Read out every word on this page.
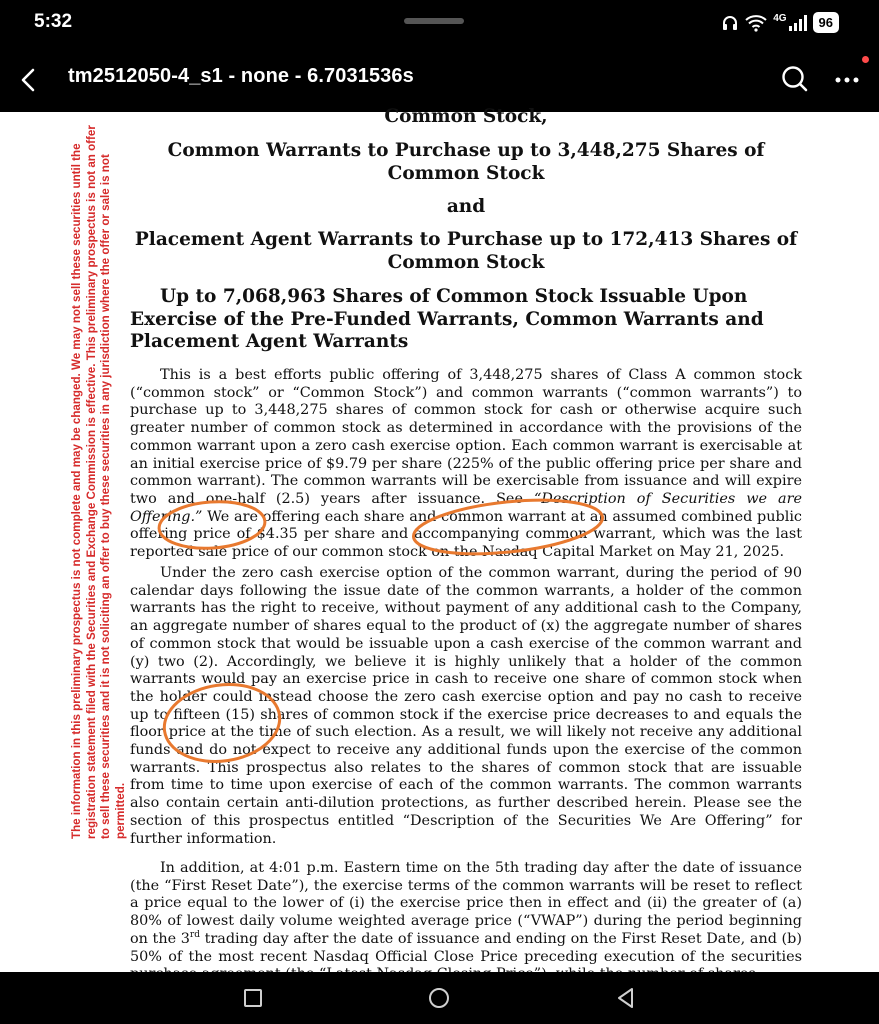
5:32	4G	96
tm2512050-4_s1 - none - 6.7031536s
The information in this preliminary prospectus is not complete and may be changed. We may not sell these securities until the registration statement filed with the Securities and Exchange Commission is effective. This preliminary prospectus is not an offer to sell these securities and it is not soliciting an offer to buy these securities in any jurisdiction where the offer or sale is not permitted.
Common Stock,
Common Warrants to Purchase up to 3,448,275 Shares of Common Stock
and
Placement Agent Warrants to Purchase up to 172,413 Shares of Common Stock
Up to 7,068,963 Shares of Common Stock Issuable Upon Exercise of the Pre-Funded Warrants, Common Warrants and Placement Agent Warrants
This is a best efforts public offering of 3,448,275 shares of Class A common stock (“common stock” or “Common Stock”) and common warrants (“common warrants”) to purchase up to 3,448,275 shares of common stock for cash or otherwise acquire such greater number of common stock as determined in accordance with the provisions of the common warrant upon a zero cash exercise option. Each common warrant is exercisable at an initial exercise price of $9.79 per share (225% of the public offering price per share and common warrant). The common warrants will be exercisable from issuance and will expire two and one-half (2.5) years after issuance. See “Description of Securities we are Offering.” We are offering each share and common warrant at an assumed combined public offering price of $4.35 per share and accompanying common warrant, which was the last reported sale price of our common stock on the Nasdaq Capital Market on May 21, 2025.
Under the zero cash exercise option of the common warrant, during the period of 90 calendar days following the issue date of the common warrants, a holder of the common warrants has the right to receive, without payment of any additional cash to the Company, an aggregate number of shares equal to the product of (x) the aggregate number of shares of common stock that would be issuable upon a cash exercise of the common warrant and (y) two (2). Accordingly, we believe it is highly unlikely that a holder of the common warrants would pay an exercise price in cash to receive one share of common stock when the holder could instead choose the zero cash exercise option and pay no cash to receive up to fifteen (15) shares of common stock if the exercise price decreases to and equals the floor price at the time of such election. As a result, we will likely not receive any additional funds and do not expect to receive any additional funds upon the exercise of the common warrants. This prospectus also relates to the shares of common stock that are issuable from time to time upon exercise of each of the common warrants. The common warrants also contain certain anti-dilution protections, as further described herein. Please see the section of this prospectus entitled “Description of the Securities We Are Offering” for further information.
In addition, at 4:01 p.m. Eastern time on the 5th trading day after the date of issuance (the “First Reset Date”), the exercise terms of the common warrants will be reset to reflect a price equal to the lower of (i) the exercise price then in effect and (ii) the greater of (a) 80% of lowest daily volume weighted average price (“VWAP”) during the period beginning on the 3rd trading day after the date of issuance and ending on the First Reset Date, and (b) 50% of the most recent Nasdaq Official Close Price preceding execution of the securities
